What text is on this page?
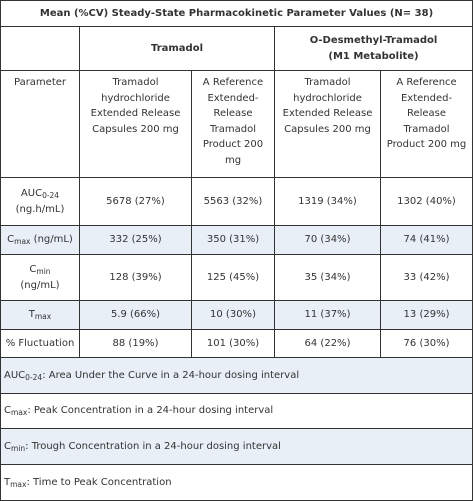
Mean (%CV) Steady-State Pharmacokinetic Parameter Values (N= 38)				
	Tramadol		O-Desmethyl-Tramadol
(M1 Metabolite)	
Parameter	Tramadol hydrochloride Extended Release Capsules 200 mg	A Reference Extended-Release Tramadol Product 200 mg	Tramadol hydrochloride Extended Release Capsules 200 mg	A Reference Extended-Release Tramadol Product 200 mg
$AUC_{0-24}$
(ng.h/mL)	5678 (27%)	5563 (32%)	1319 (34%)	1302 (40%)
$C_{max}$ (ng/mL)	332 (25%)	350 (31%)	70 (34%)	74 (41%)
$C_{min}$
(ng/mL)	128 (39%)	125 (45%)	35 (34%)	33 (42%)
$T_{max}$	5.9 (66%)	10 (30%)	11 (37%)	13 (29%)
% Fluctuation	88 (19%)	101 (30%)	64 (22%)	76 (30%)
$AUC_{0-24}$: Area Under the Curve in a 24-hour dosing interval				
$C_{max}$: Peak Concentration in a 24-hour dosing interval				
$C_{min}$: Trough Concentration in a 24-hour dosing interval				
$T_{max}$: Time to Peak Concentration				
